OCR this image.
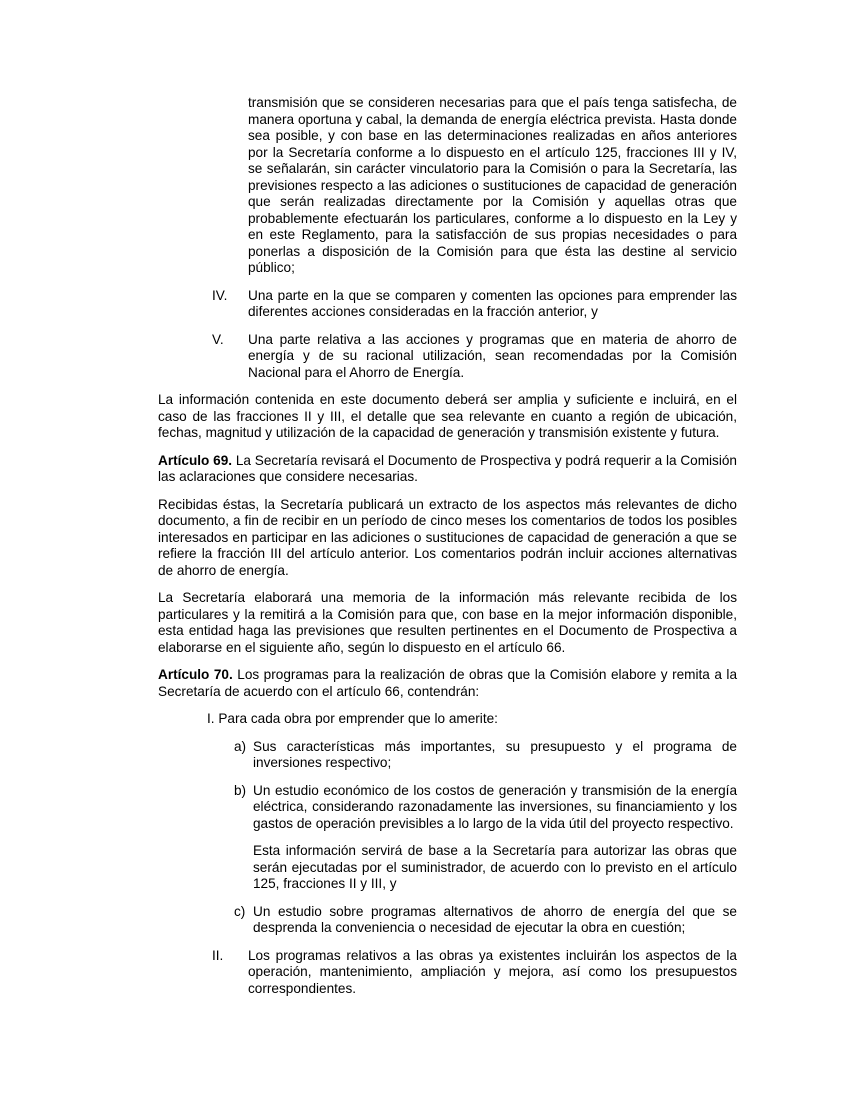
transmisión que se consideren necesarias para que el país tenga satisfecha, de manera oportuna y cabal, la demanda de energía eléctrica prevista. Hasta donde sea posible, y con base en las determinaciones realizadas en años anteriores por la Secretaría conforme a lo dispuesto en el artículo 125, fracciones III y IV, se señalarán, sin carácter vinculatorio para la Comisión o para la Secretaría, las previsiones respecto a las adiciones o sustituciones de capacidad de generación que serán realizadas directamente por la Comisión y aquellas otras que probablemente efectuarán los particulares, conforme a lo dispuesto en la Ley y en este Reglamento, para la satisfacción de sus propias necesidades o para ponerlas a disposición de la Comisión para que ésta las destine al servicio público;

IV. Una parte en la que se comparen y comenten las opciones para emprender las diferentes acciones consideradas en la fracción anterior, y

V. Una parte relativa a las acciones y programas que en materia de ahorro de energía y de su racional utilización, sean recomendadas por la Comisión Nacional para el Ahorro de Energía.

La información contenida en este documento deberá ser amplia y suficiente e incluirá, en el caso de las fracciones II y III, el detalle que sea relevante en cuanto a región de ubicación, fechas, magnitud y utilización de la capacidad de generación y transmisión existente y futura.

Artículo 69. La Secretaría revisará el Documento de Prospectiva y podrá requerir a la Comisión las aclaraciones que considere necesarias.

Recibidas éstas, la Secretaría publicará un extracto de los aspectos más relevantes de dicho documento, a fin de recibir en un período de cinco meses los comentarios de todos los posibles interesados en participar en las adiciones o sustituciones de capacidad de generación a que se refiere la fracción III del artículo anterior. Los comentarios podrán incluir acciones alternativas de ahorro de energía.

La Secretaría elaborará una memoria de la información más relevante recibida de los particulares y la remitirá a la Comisión para que, con base en la mejor información disponible, esta entidad haga las previsiones que resulten pertinentes en el Documento de Prospectiva a elaborarse en el siguiente año, según lo dispuesto en el artículo 66.

Artículo 70. Los programas para la realización de obras que la Comisión elabore y remita a la Secretaría de acuerdo con el artículo 66, contendrán:

I. Para cada obra por emprender que lo amerite:

a) Sus características más importantes, su presupuesto y el programa de inversiones respectivo;

b) Un estudio económico de los costos de generación y transmisión de la energía eléctrica, considerando razonadamente las inversiones, su financiamiento y los gastos de operación previsibles a lo largo de la vida útil del proyecto respectivo.

Esta información servirá de base a la Secretaría para autorizar las obras que serán ejecutadas por el suministrador, de acuerdo con lo previsto en el artículo 125, fracciones II y III, y

c) Un estudio sobre programas alternativos de ahorro de energía del que se desprenda la conveniencia o necesidad de ejecutar la obra en cuestión;

II. Los programas relativos a las obras ya existentes incluirán los aspectos de la operación, mantenimiento, ampliación y mejora, así como los presupuestos correspondientes.
